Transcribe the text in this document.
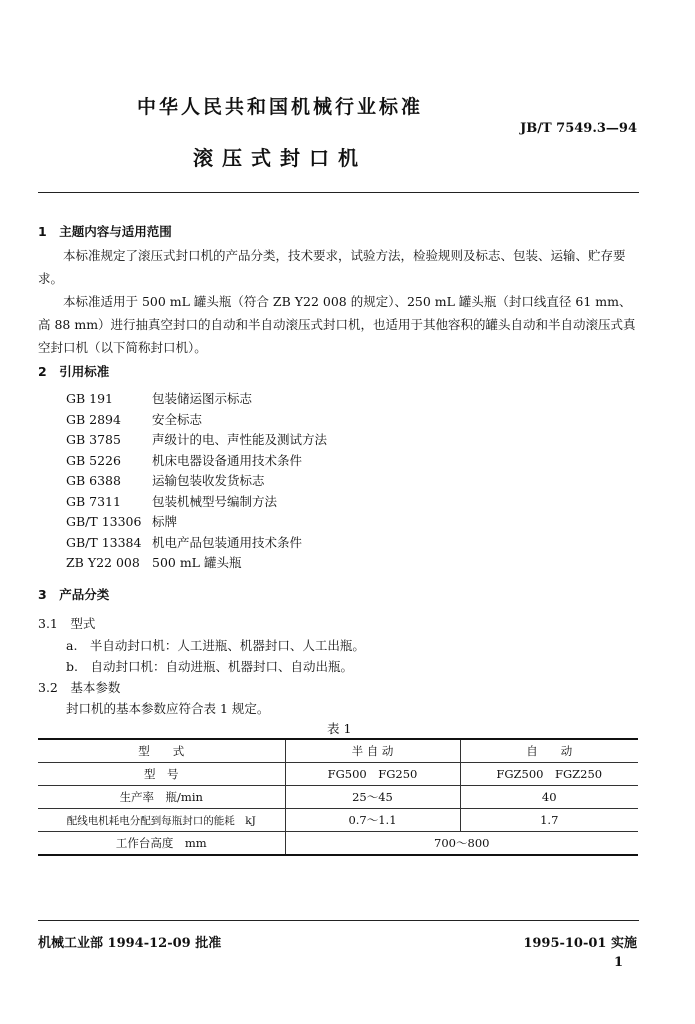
中华人民共和国机械行业标准
JB/T 7549.3—94
滚压式封口机
1　主题内容与适用范围
本标准规定了滚压式封口机的产品分类，技术要求，试验方法，检验规则及标志、包装、运输、贮存要求。
本标准适用于 500 mL 罐头瓶（符合 ZB Y22 008 的规定）、250 mL 罐头瓶（封口线直径 61 mm、高 88 mm）进行抽真空封口的自动和半自动滚压式封口机，也适用于其他容积的罐头自动和半自动滚压式真空封口机（以下简称封口机）。
2　引用标准
GB 191	包装储运图示标志
GB 2894 安全标志
GB 3785 声级计的电、声性能及测试方法
GB 5226 机床电器设备通用技术条件
GB 6388 运输包装收发货标志
GB 7311 包装机械型号编制方法
GB/T 13306 标牌
GB/T 13384 机电产品包装通用技术条件
ZB Y22 008 500 mL 罐头瓶
3　产品分类
3.1　型式
a.　半自动封口机：人工进瓶、机器封口、人工出瓶。
b.　自动封口机：自动进瓶、机器封口、自动出瓶。
3.2　基本参数
封口机的基本参数应符合表 1 规定。
表 1
型　　式	半 自 动	自　　动
型　号	FG500　FG250	FGZ500　FGZ250
生产率　瓶/min	25～45	40
配线电机耗电分配到每瓶封口的能耗　kJ	0.7～1.1	1.7
工作台高度　mm	700～800	
机械工业部 1994-12-09 批准	1995-10-01 实施
1
